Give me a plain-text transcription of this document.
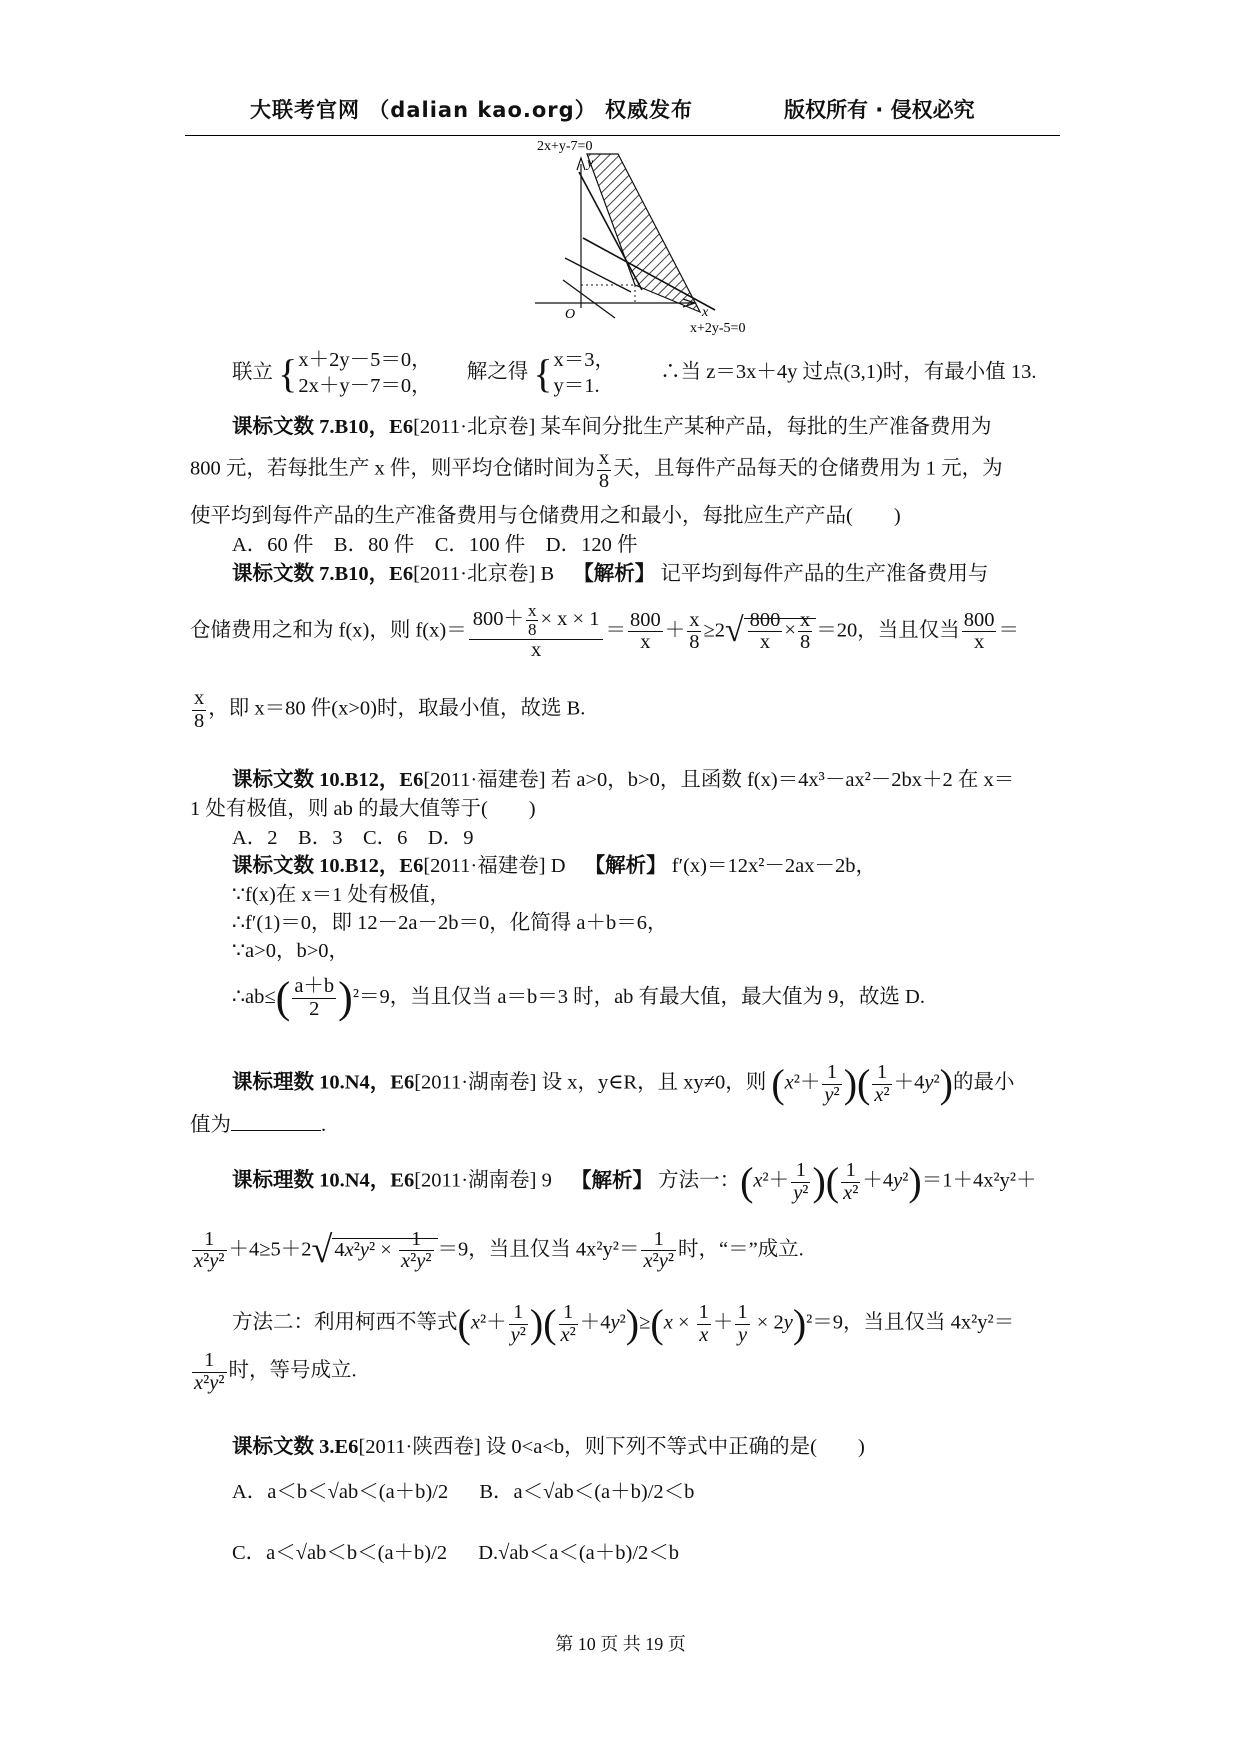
大联考官网 （dalian kao.org） 权威发布	版权所有 · 侵权必究
2x+y-7=0
y
O	x
x+2y-5=0
联立 { x＋2y－5＝0，
2x＋y－7＝0，
解之得 { x＝3，
y＝1.
∴当 z＝3x＋4y 过点(3,1)时，有最小值 13.
课标文数 7.B10，E6[2011·北京卷] 某车间分批生产某种产品，每批的生产准备费用为
800 元，若每批生产 x 件，则平均仓储时间为 $\frac{x}{8}$ 天，且每件产品每天的仓储费用为 1 元，为
使平均到每件产品的生产准备费用与仓储费用之和最小，每批应生产产品(　　)
A．60 件　B．80 件　C．100 件　D．120 件
课标文数 7.B10，E6[2011·北京卷] B 【解析】 记平均到每件产品的生产准备费用与
仓储费用之和为 f(x)，则 $f(x)= \frac{800+ \frac{x}{8} \times x \times 1}{x} = \frac{800}{x} + \frac{x}{8} \ge 2√ \frac{800}{x} \times \frac{x}{8} =20$，当且仅当 $\frac{800}{x}$ ＝
$\frac{x}{8}$ ，即 x＝80 件(x>0)时，取最小值，故选 B.
课标文数 10.B12，E6[2011·福建卷] 若 a>0，b>0，且函数 f(x)＝4x³－ax²－2bx＋2 在 x＝
1 处有极值，则 ab 的最大值等于(　　)
A．2　B．3　C．6　D．9
课标文数 10.B12，E6[2011·福建卷] D 【解析】 f′(x)＝12x²－2ax－2b，
∵f(x)在 x＝1 处有极值，
∴f′(1)＝0，即 12－2a－2b＝0，化简得 a＋b＝6，
∵a>0，b>0，
∴ab≤( $\frac{a+b}{2} )^2=9$，当且仅当 a＝b＝3 时，ab 有最大值，最大值为 9，故选 D.
课标理数 10.N4，E6[2011·湖南卷] 设 x，y∈R，且 xy≠0，则 ($x^2+ \frac{1}{\text{y²}}$ )( $\frac{1}{\text{x²}} +4y^2$)的最小
值为	.
课标理数 10.N4，E6[2011·湖南卷] 9 【解析】 方法一：($x^2+ \frac{1}{\text{y²}}$ )( $\frac{1}{\text{x²}} +4y^2)=1+4x^2y^2+$
$\frac{1}{\text{x²y²}} +4\ge 5+2√4x^2y^2 \times \frac{1}{\text{x²y²}} =9$，当且仅当 $4x^2y^2= \frac{1}{\text{x²y²}}$ 时，“＝”成立.
方法二：利用柯西不等式($x^2+ \frac{1}{\text{y²}}$ )( $\frac{1}{\text{x²}} +4y^2)\ge(x \times \frac{1}{x} + \frac{1}{y} \times 2y)^2=9$，当且仅当 4x²y²＝
$\frac{1}{\text{x²y²}}$ 时，等号成立.
课标文数 3.E6[2011·陕西卷] 设 0<a<b，则下列不等式中正确的是(　　)
A．a＜b＜√ab＜(a＋b)/2 B．a＜√ab＜(a＋b)/2＜b
C．a＜√ab＜b＜(a＋b)/2 D.√ab＜a＜(a＋b)/2＜b
第 10 页 共 19 页
